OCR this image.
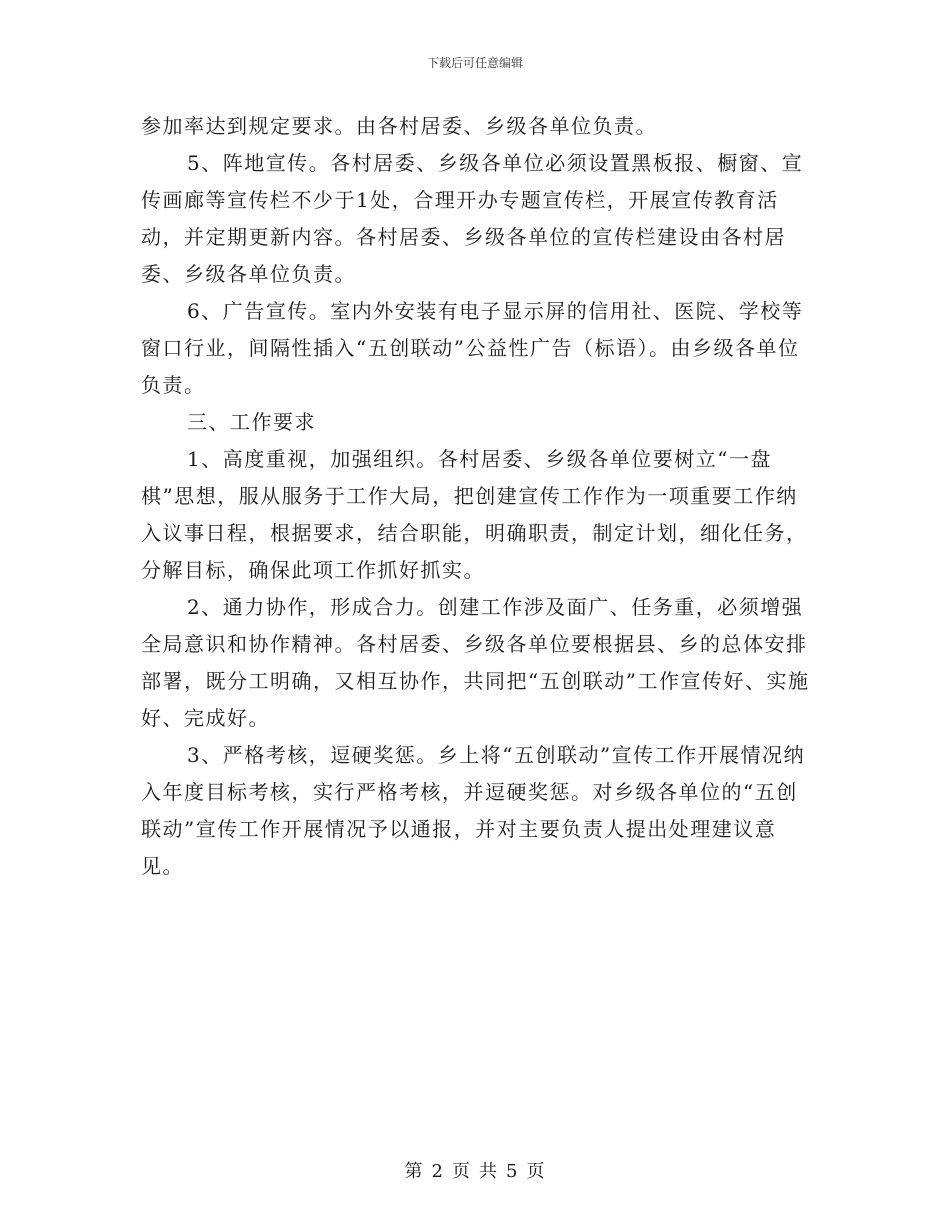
下载后可任意编辑

参加率达到规定要求。由各村居委、乡级各单位负责。

5、阵地宣传。各村居委、乡级各单位必须设置黑板报、橱窗、宣传画廊等宣传栏不少于1处，合理开办专题宣传栏，开展宣传教育活动，并定期更新内容。各村居委、乡级各单位的宣传栏建设由各村居委、乡级各单位负责。

6、广告宣传。室内外安装有电子显示屏的信用社、医院、学校等窗口行业，间隔性插入“五创联动”公益性广告（标语）。由乡级各单位负责。

三、工作要求

1、高度重视，加强组织。各村居委、乡级各单位要树立“一盘棋”思想，服从服务于工作大局，把创建宣传工作作为一项重要工作纳入议事日程，根据要求，结合职能，明确职责，制定计划，细化任务，分解目标，确保此项工作抓好抓实。

2、通力协作，形成合力。创建工作涉及面广、任务重，必须增强全局意识和协作精神。各村居委、乡级各单位要根据县、乡的总体安排部署，既分工明确，又相互协作，共同把“五创联动”工作宣传好、实施好、完成好。

3、严格考核，逗硬奖惩。乡上将“五创联动”宣传工作开展情况纳入年度目标考核，实行严格考核，并逗硬奖惩。对乡级各单位的“五创联动”宣传工作开展情况予以通报，并对主要负责人提出处理建议意见。

第 2 页 共 5 页
